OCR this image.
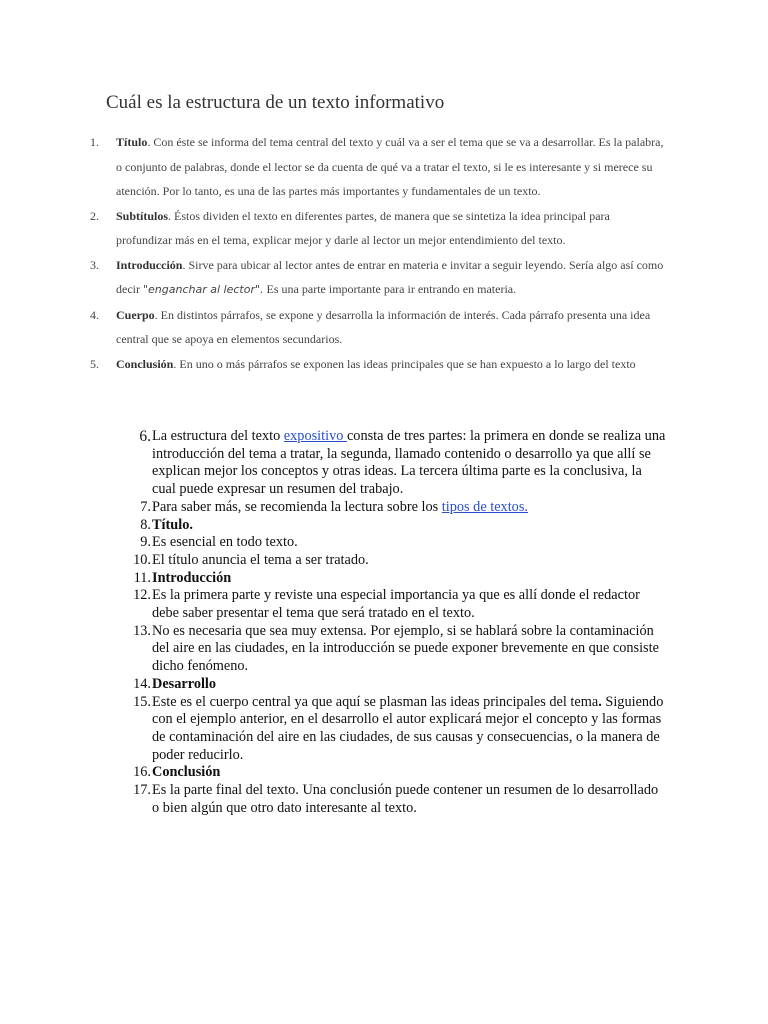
Cuál es la estructura de un texto informativo
1. Título. Con éste se informa del tema central del texto y cuál va a ser el tema que se va a desarrollar. Es la palabra, o conjunto de palabras, donde el lector se da cuenta de qué va a tratar el texto, si le es interesante y si merece su atención. Por lo tanto, es una de las partes más importantes y fundamentales de un texto.
2. Subtítulos. Éstos dividen el texto en diferentes partes, de manera que se sintetiza la idea principal para profundizar más en el tema, explicar mejor y darle al lector un mejor entendimiento del texto.
3. Introducción. Sirve para ubicar al lector antes de entrar en materia e invitar a seguir leyendo. Sería algo así como decir "enganchar al lector". Es una parte importante para ir entrando en materia.
4. Cuerpo. En distintos párrafos, se expone y desarrolla la información de interés. Cada párrafo presenta una idea central que se apoya en elementos secundarios.
5. Conclusión. En uno o más párrafos se exponen las ideas principales que se han expuesto a lo largo del texto
6. La estructura del texto expositivo consta de tres partes: la primera en donde se realiza una introducción del tema a tratar, la segunda, llamado contenido o desarrollo ya que allí se explican mejor los conceptos y otras ideas. La tercera última parte es la conclusiva, la cual puede expresar un resumen del trabajo.
7. Para saber más, se recomienda la lectura sobre los tipos de textos.
8. Título.
9. Es esencial en todo texto.
10. El título anuncia el tema a ser tratado.
11. Introducción
12. Es la primera parte y reviste una especial importancia ya que es allí donde el redactor debe saber presentar el tema que será tratado en el texto.
13. No es necesaria que sea muy extensa. Por ejemplo, si se hablará sobre la contaminación del aire en las ciudades, en la introducción se puede exponer brevemente en que consiste dicho fenómeno.
14. Desarrollo
15. Este es el cuerpo central ya que aquí se plasman las ideas principales del tema. Siguiendo con el ejemplo anterior, en el desarrollo el autor explicará mejor el concepto y las formas de contaminación del aire en las ciudades, de sus causas y consecuencias, o la manera de poder reducirlo.
16. Conclusión
17. Es la parte final del texto. Una conclusión puede contener un resumen de lo desarrollado o bien algún que otro dato interesante al texto.
